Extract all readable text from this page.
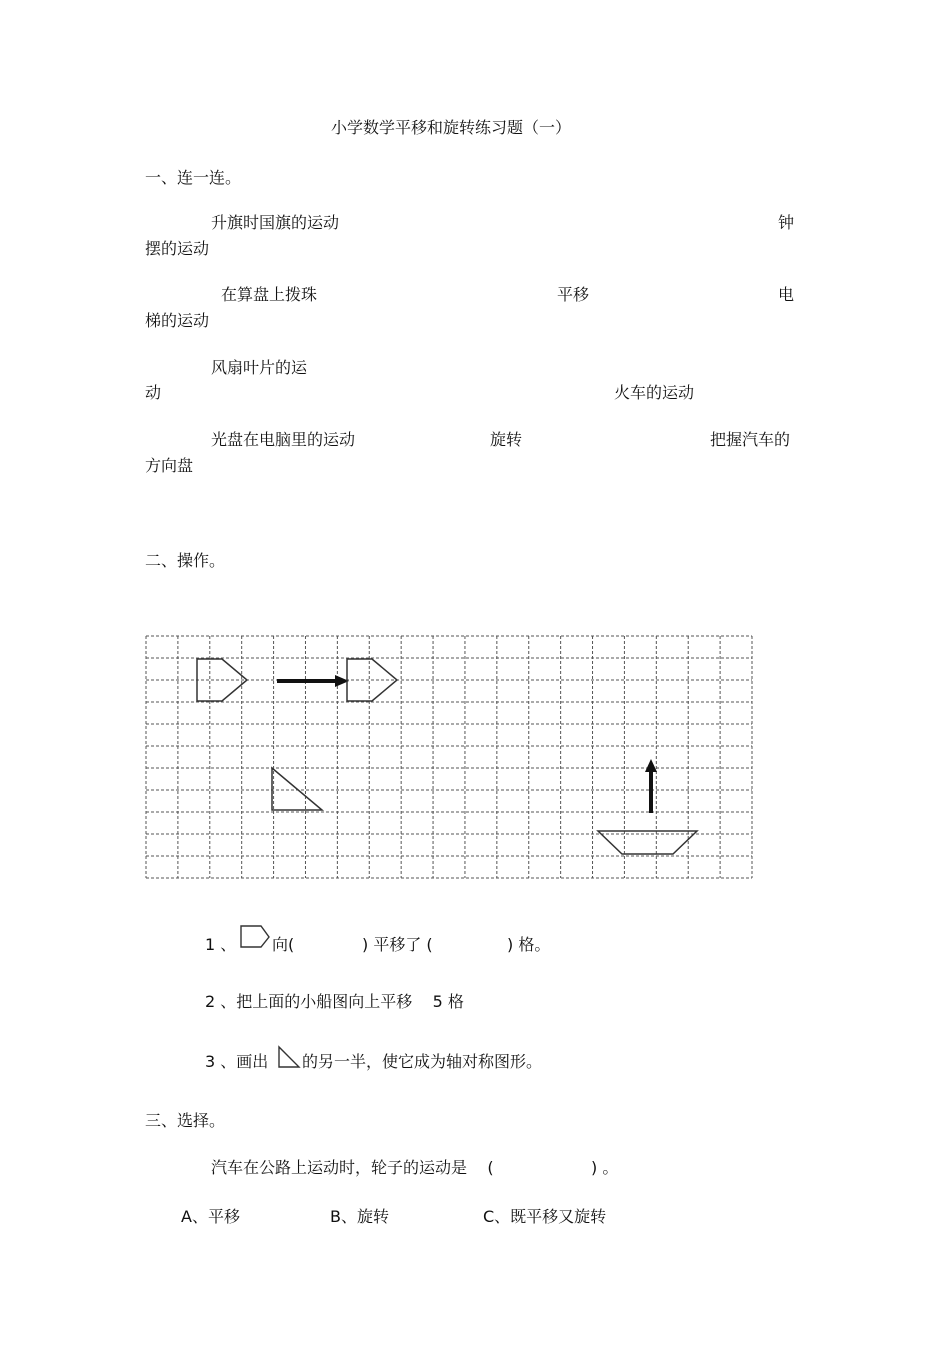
小学数学平移和旋转练习题（一）
一、连一连。
升旗时国旗的运动	钟
摆的运动
在算盘上拨珠	平移	电
梯的运动
风扇叶片的运
动	火车的运动
光盘在电脑里的运动	旋转	把握汽车的
方向盘
二、操作。
1 、 向(	) 平移了 (	) 格。
2 、把上面的小船图向上平移    5 格
3 、画出 的另一半，使它成为轴对称图形。
三、选择。
汽车在公路上运动时，轮子的运动是    (	) 。
A、平移	B、旋转	C、既平移又旋转
